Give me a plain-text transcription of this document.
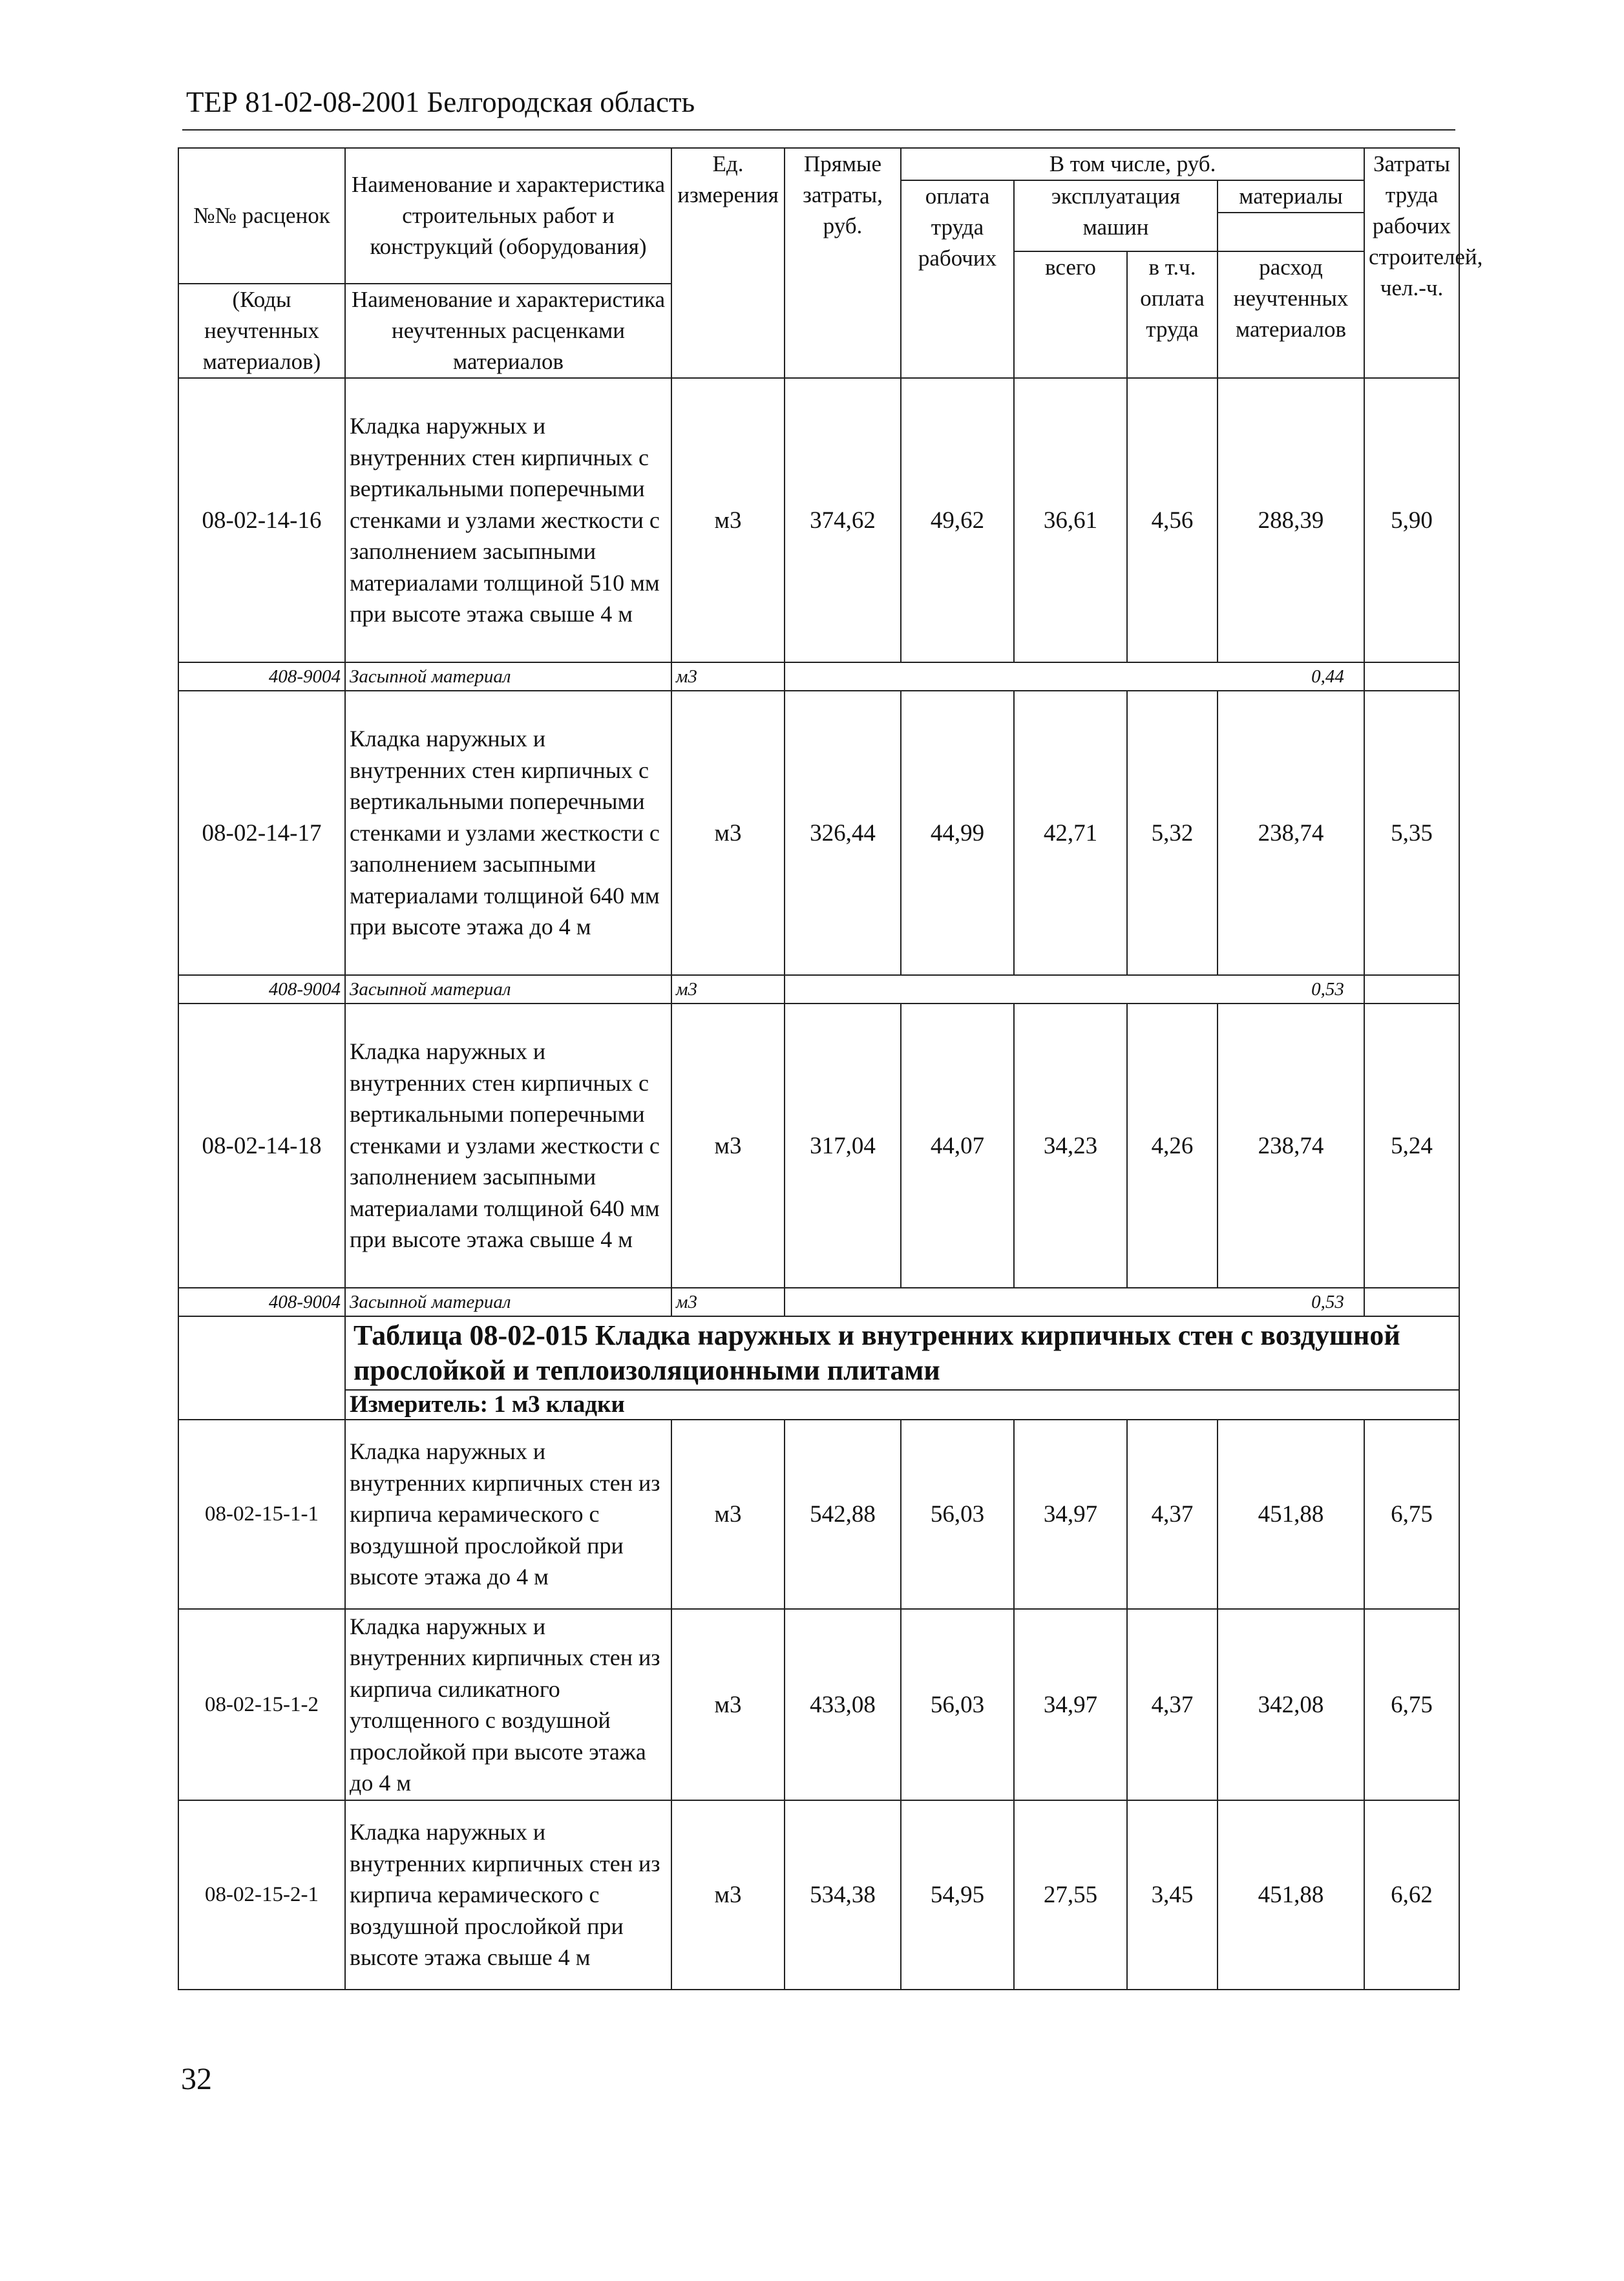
ТЕР 81-02-08-2001 Белгородская область
№№ расценок	Наименование и характеристика строительных работ и конструкций (оборудования)	Ед. измерения	Прямые затраты, руб.	В том числе, руб.				Затраты труда рабочих строителей, чел.-ч.
				оплата труда рабочих	эксплуатация машин		материалы	

					всего	в т.ч. оплата труда	расход неучтенных материалов	
(Коды неучтенных материалов)	Наименование и характеристика неучтенных расценками материалов							

08-02-14-16	Кладка наружных и внутренних стен кирпичных с вертикальными поперечными стенками и узлами жесткости с заполнением засыпными материалами толщиной 510 мм при высоте этажа свыше 4 м	м3	374,62	49,62	36,61	4,56	288,39	5,90
408-9004	Засыпной материал	м3	0,44					
08-02-14-17	Кладка наружных и внутренних стен кирпичных с вертикальными поперечными стенками и узлами жесткости с заполнением засыпными материалами толщиной 640 мм при высоте этажа до 4 м	м3	326,44	44,99	42,71	5,32	238,74	5,35
408-9004	Засыпной материал	м3	0,53					
08-02-14-18	Кладка наружных и внутренних стен кирпичных с вертикальными поперечными стенками и узлами жесткости с заполнением засыпными материалами толщиной 640 мм при высоте этажа свыше 4 м	м3	317,04	44,07	34,23	4,26	238,74	5,24
408-9004	Засыпной материал	м3	0,53					
	Таблица 08-02-015 Кладка наружных и внутренних кирпичных стен с воздушной прослойкой и теплоизоляционными плитами							
	Измеритель: 1 м3 кладки							
08-02-15-1-1	Кладка наружных и внутренних кирпичных стен из кирпича керамического с воздушной прослойкой при высоте этажа до 4 м	м3	542,88	56,03	34,97	4,37	451,88	6,75
08-02-15-1-2	Кладка наружных и внутренних кирпичных стен из кирпича силикатного утолщенного с воздушной прослойкой при высоте этажа до 4 м	м3	433,08	56,03	34,97	4,37	342,08	6,75
08-02-15-2-1	Кладка наружных и внутренних кирпичных стен из кирпича керамического с воздушной прослойкой при высоте этажа свыше 4 м	м3	534,38	54,95	27,55	3,45	451,88	6,62
32
